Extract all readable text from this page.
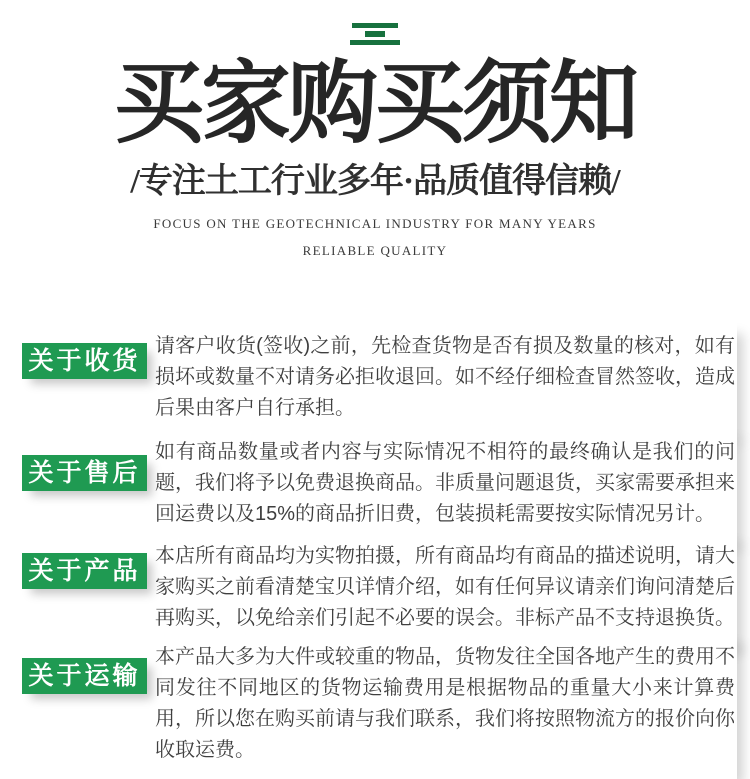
买家购买须知
/专注土工行业多年·品质值得信赖/
FOCUS ON THE GEOTECHNICAL INDUSTRY FOR MANY YEARS
RELIABLE QUALITY

请客户收货(签收)之前，先检查货物是否有损及数量的核对，如有损坏或数量不对请务必拒收退回。如不经仔细检查冒然签收，造成后果由客户自行承担。

如有商品数量或者内容与实际情况不相符的最终确认是我们的问题，我们将予以免费退换商品。非质量问题退货，买家需要承担来回运费以及15%的商品折旧费，包装损耗需要按实际情况另计。

本店所有商品均为实物拍摄，所有商品均有商品的描述说明，请大家购买之前看清楚宝贝详情介绍，如有任何异议请亲们询问清楚后再购买，以免给亲们引起不必要的误会。非标产品不支持退换货。

本产品大多为大件或较重的物品，货物发往全国各地产生的费用不同发往不同地区的货物运输费用是根据物品的重量大小来计算费用，所以您在购买前请与我们联系，我们将按照物流方的报价向你收取运费。

关于收货
关于售后
关于产品
关于运输
